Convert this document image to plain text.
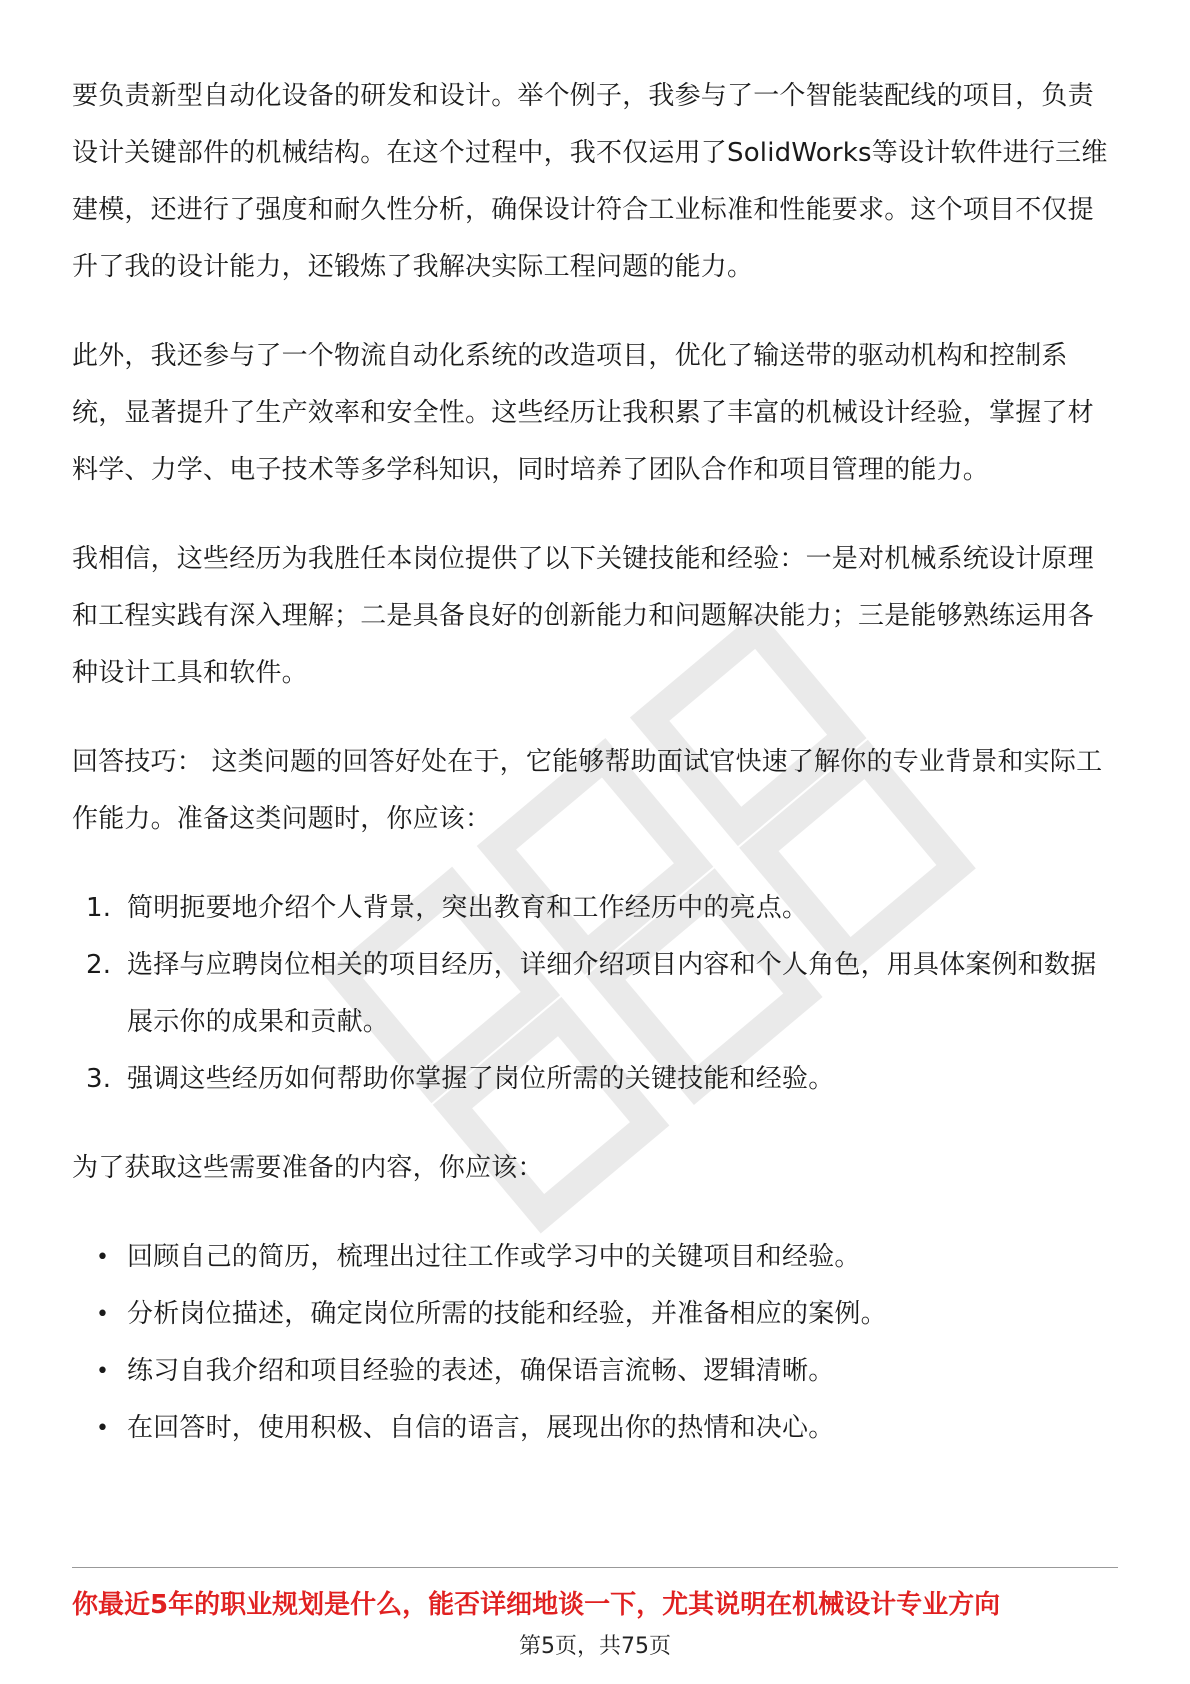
要负责新型自动化设备的研发和设计。举个例子，我参与了一个智能装配线的项目，负责设计关键部件的机械结构。在这个过程中，我不仅运用了SolidWorks等设计软件进行三维建模，还进行了强度和耐久性分析，确保设计符合工业标准和性能要求。这个项目不仅提升了我的设计能力，还锻炼了我解决实际工程问题的能力。

此外，我还参与了一个物流自动化系统的改造项目，优化了输送带的驱动机构和控制系统，显著提升了生产效率和安全性。这些经历让我积累了丰富的机械设计经验，掌握了材料学、力学、电子技术等多学科知识，同时培养了团队合作和项目管理的能力。

我相信，这些经历为我胜任本岗位提供了以下关键技能和经验：一是对机械系统设计原理和工程实践有深入理解；二是具备良好的创新能力和问题解决能力；三是能够熟练运用各种设计工具和软件。

回答技巧： 这类问题的回答好处在于，它能够帮助面试官快速了解你的专业背景和实际工作能力。准备这类问题时，你应该：

1. 简明扼要地介绍个人背景，突出教育和工作经历中的亮点。
2. 选择与应聘岗位相关的项目经历，详细介绍项目内容和个人角色，用具体案例和数据展示你的成果和贡献。
3. 强调这些经历如何帮助你掌握了岗位所需的关键技能和经验。

为了获取这些需要准备的内容，你应该：

• 回顾自己的简历，梳理出过往工作或学习中的关键项目和经验。
• 分析岗位描述，确定岗位所需的技能和经验，并准备相应的案例。
• 练习自我介绍和项目经验的表述，确保语言流畅、逻辑清晰。
• 在回答时，使用积极、自信的语言，展现出你的热情和决心。
你最近5年的职业规划是什么，能否详细地谈一下，尤其说明在机械设计专业方向
第5页，共75页
